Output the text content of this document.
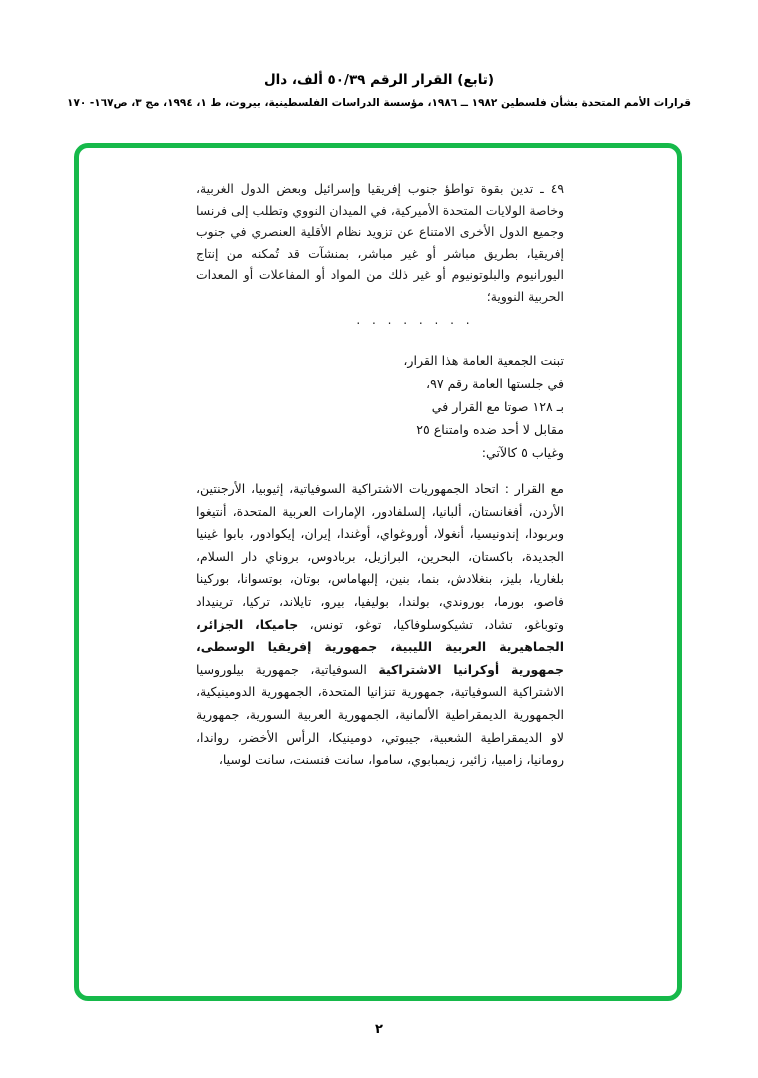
(تابع) القرار الرقم ٥٠/٣٩ ألف، دال
قرارات الأمم المتحدة بشأن فلسطين ١٩٨٢ ــ ١٩٨٦، مؤسسة الدراسات الفلسطينية، بيروت، ط ١، ١٩٩٤، مج ٣، ص١٦٧- ١٧٠

٤٩ ـ تدين بقوة تواطؤ جنوب إفريقيا وإسرائيل وبعض الدول الغربية، وخاصة الولايات المتحدة الأميركية، في الميدان النووي وتطلب إلى فرنسا وجميع الدول الأخرى الامتناع عن تزويد نظام الأقلية العنصري في جنوب إفريقيا، بطريق مباشر أو غير مباشر، بمنشآت قد تُمكنه من إنتاج اليورانيوم والبلوتونيوم أو غير ذلك من المواد أو المفاعلات أو المعدات الحربية النووية؛

. . . . . . . .
تبنت الجمعية العامة هذا القرار،
في جلستها العامة رقم ٩٧،
بـ ١٢٨ صوتا مع القرار في
مقابل لا أحد ضده وامتناع ٢٥
وغياب ٥ كالآتي:
مع القرار : اتحاد الجمهوريات الاشتراكية السوفياتية، إثيوبيا، الأرجنتين، الأردن، أفغانستان، ألبانيا، إلسلفادور، الإمارات العربية المتحدة، أنتيغوا وبربودا، إندونيسيا، أنغولا، أوروغواي، أوغندا، إيران، إيكوادور، بابوا غينيا الجديدة، باكستان، البحرين، البرازيل، بربادوس، بروناي دار السلام، بلغاريا، بليز، بنغلادش، بنما، بنين، إلبهاماس، بوتان، بوتسوانا، بوركينا فاصو، بورما، بوروندي، بولندا، بوليفيا، بيرو، تايلاند، تركيا، ترينيداد وتوباغو، تشاد، تشيكوسلوفاكيا، توغو، تونس، جاميكا، الجزائر، الجماهيرية العربية الليبية، جمهورية إفريقيا الوسطى، جمهورية أوكرانيا الاشتراكية السوفياتية، جمهورية بيلوروسيا الاشتراكية السوفياتية، جمهورية تنزانيا المتحدة، الجمهورية الدومينيكية، الجمهورية الديمقراطية الألمانية، الجمهورية العربية السورية، جمهورية لاو الديمقراطية الشعبية، جيبوتي، دومينيكا، الرأس الأخضر، رواندا، رومانيا، زامبيا، زائير، زيمبابوي، ساموا، سانت فنسنت، سانت لوسيا،
٢
